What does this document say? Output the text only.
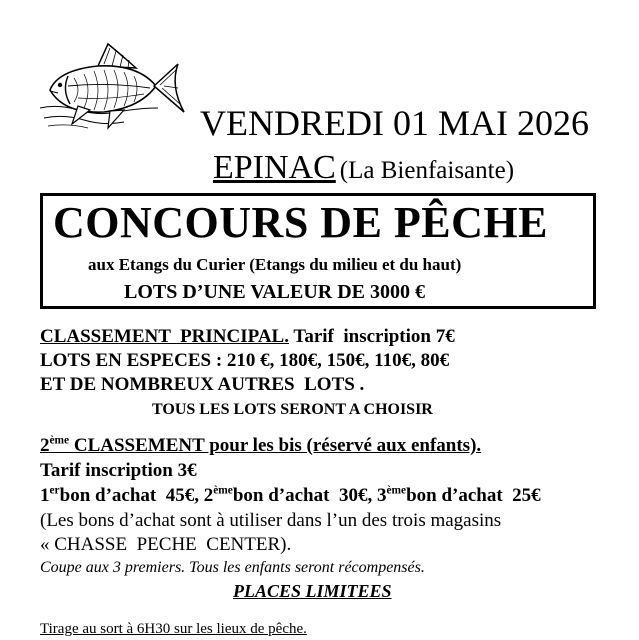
VENDREDI 01 MAI 2026
EPINAC (La Bienfaisante)
CONCOURS DE PÊCHE
aux Etangs du Curier (Etangs du milieu et du haut)
LOTS D’UNE VALEUR DE 3000 €
CLASSEMENT  PRINCIPAL. Tarif  inscription 7€
LOTS EN ESPECES : 210 €, 180€, 150€, 110€, 80€
ET DE NOMBREUX AUTRES  LOTS .
TOUS LES LOTS SERONT A CHOISIR
2ème CLASSEMENT pour les bis (réservé aux enfants).
Tarif inscription 3€
1erbon d’achat  45€, 2èmebon d’achat  30€, 3èmebon d’achat  25€
(Les bons d’achat sont à utiliser dans l’un des trois magasins
« CHASSE  PECHE  CENTER).
Coupe aux 3 premiers. Tous les enfants seront récompensés.
PLACES LIMITEES
Tirage au sort à 6H30 sur les lieux de pêche.
